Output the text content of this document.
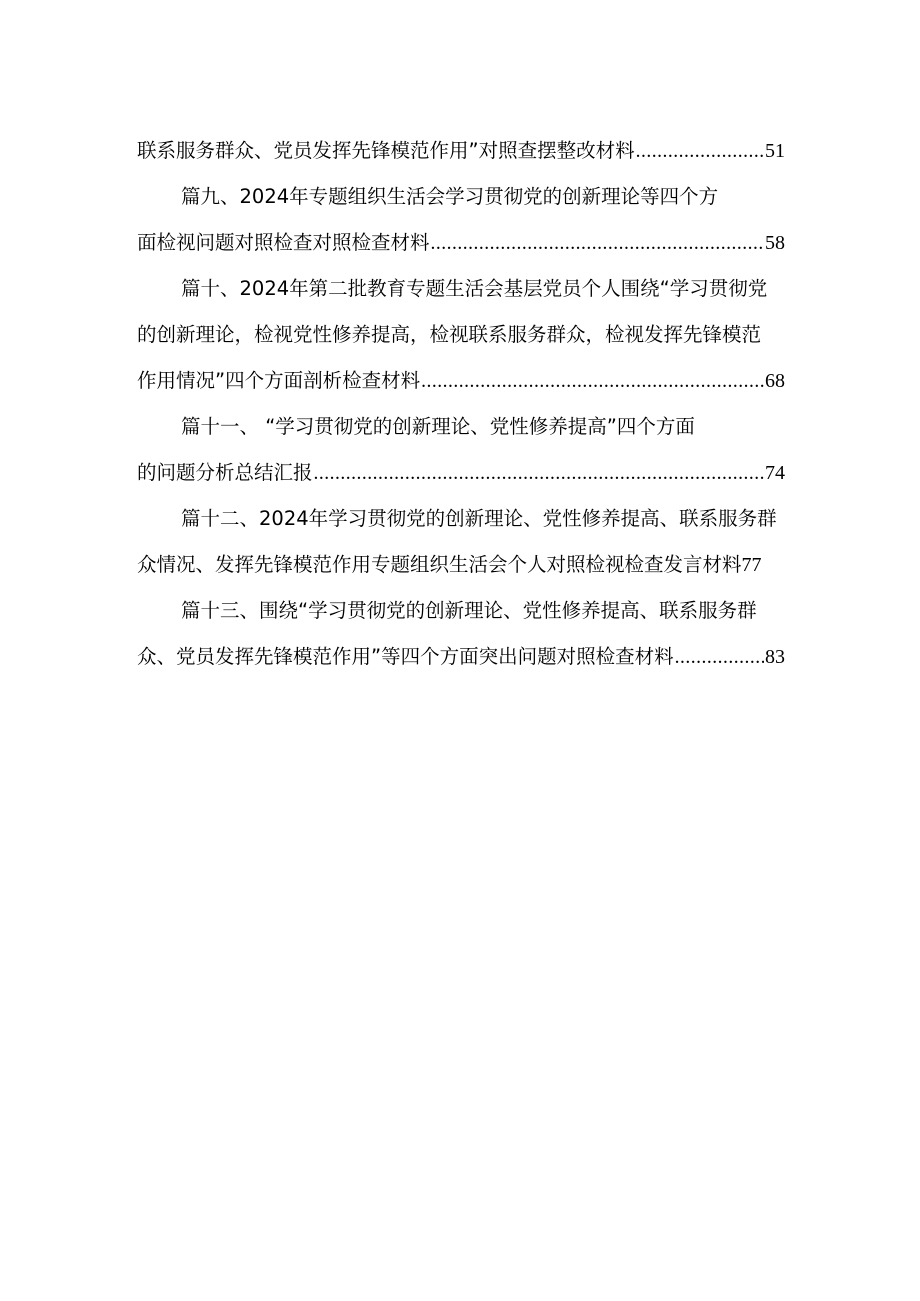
联系服务群众、党员发挥先锋模范作用”对照查摆整改材料 .....	51
篇九、2024年专题组织生活会学习贯彻党的创新理论等四个方
面检视问题对照检查对照检查材料 .....	58
篇十、2024年第二批教育专题生活会基层党员个人围绕“学习贯彻党
的创新理论，检视党性修养提高，检视联系服务群众，检视发挥先锋模范
作用情况”四个方面剖析检查材料 .....	68
篇十一、 “学习贯彻党的创新理论、党性修养提高”四个方面
的问题分析总结汇报 .....	74
篇十二、2024年学习贯彻党的创新理论、党性修养提高、联系服务群
众情况、发挥先锋模范作用专题组织生活会个人对照检视检查发言材料 77
篇十三、围绕“学习贯彻党的创新理论、党性修养提高、联系服务群
众、党员发挥先锋模范作用”等四个方面突出问题对照检查材料 .....	83
